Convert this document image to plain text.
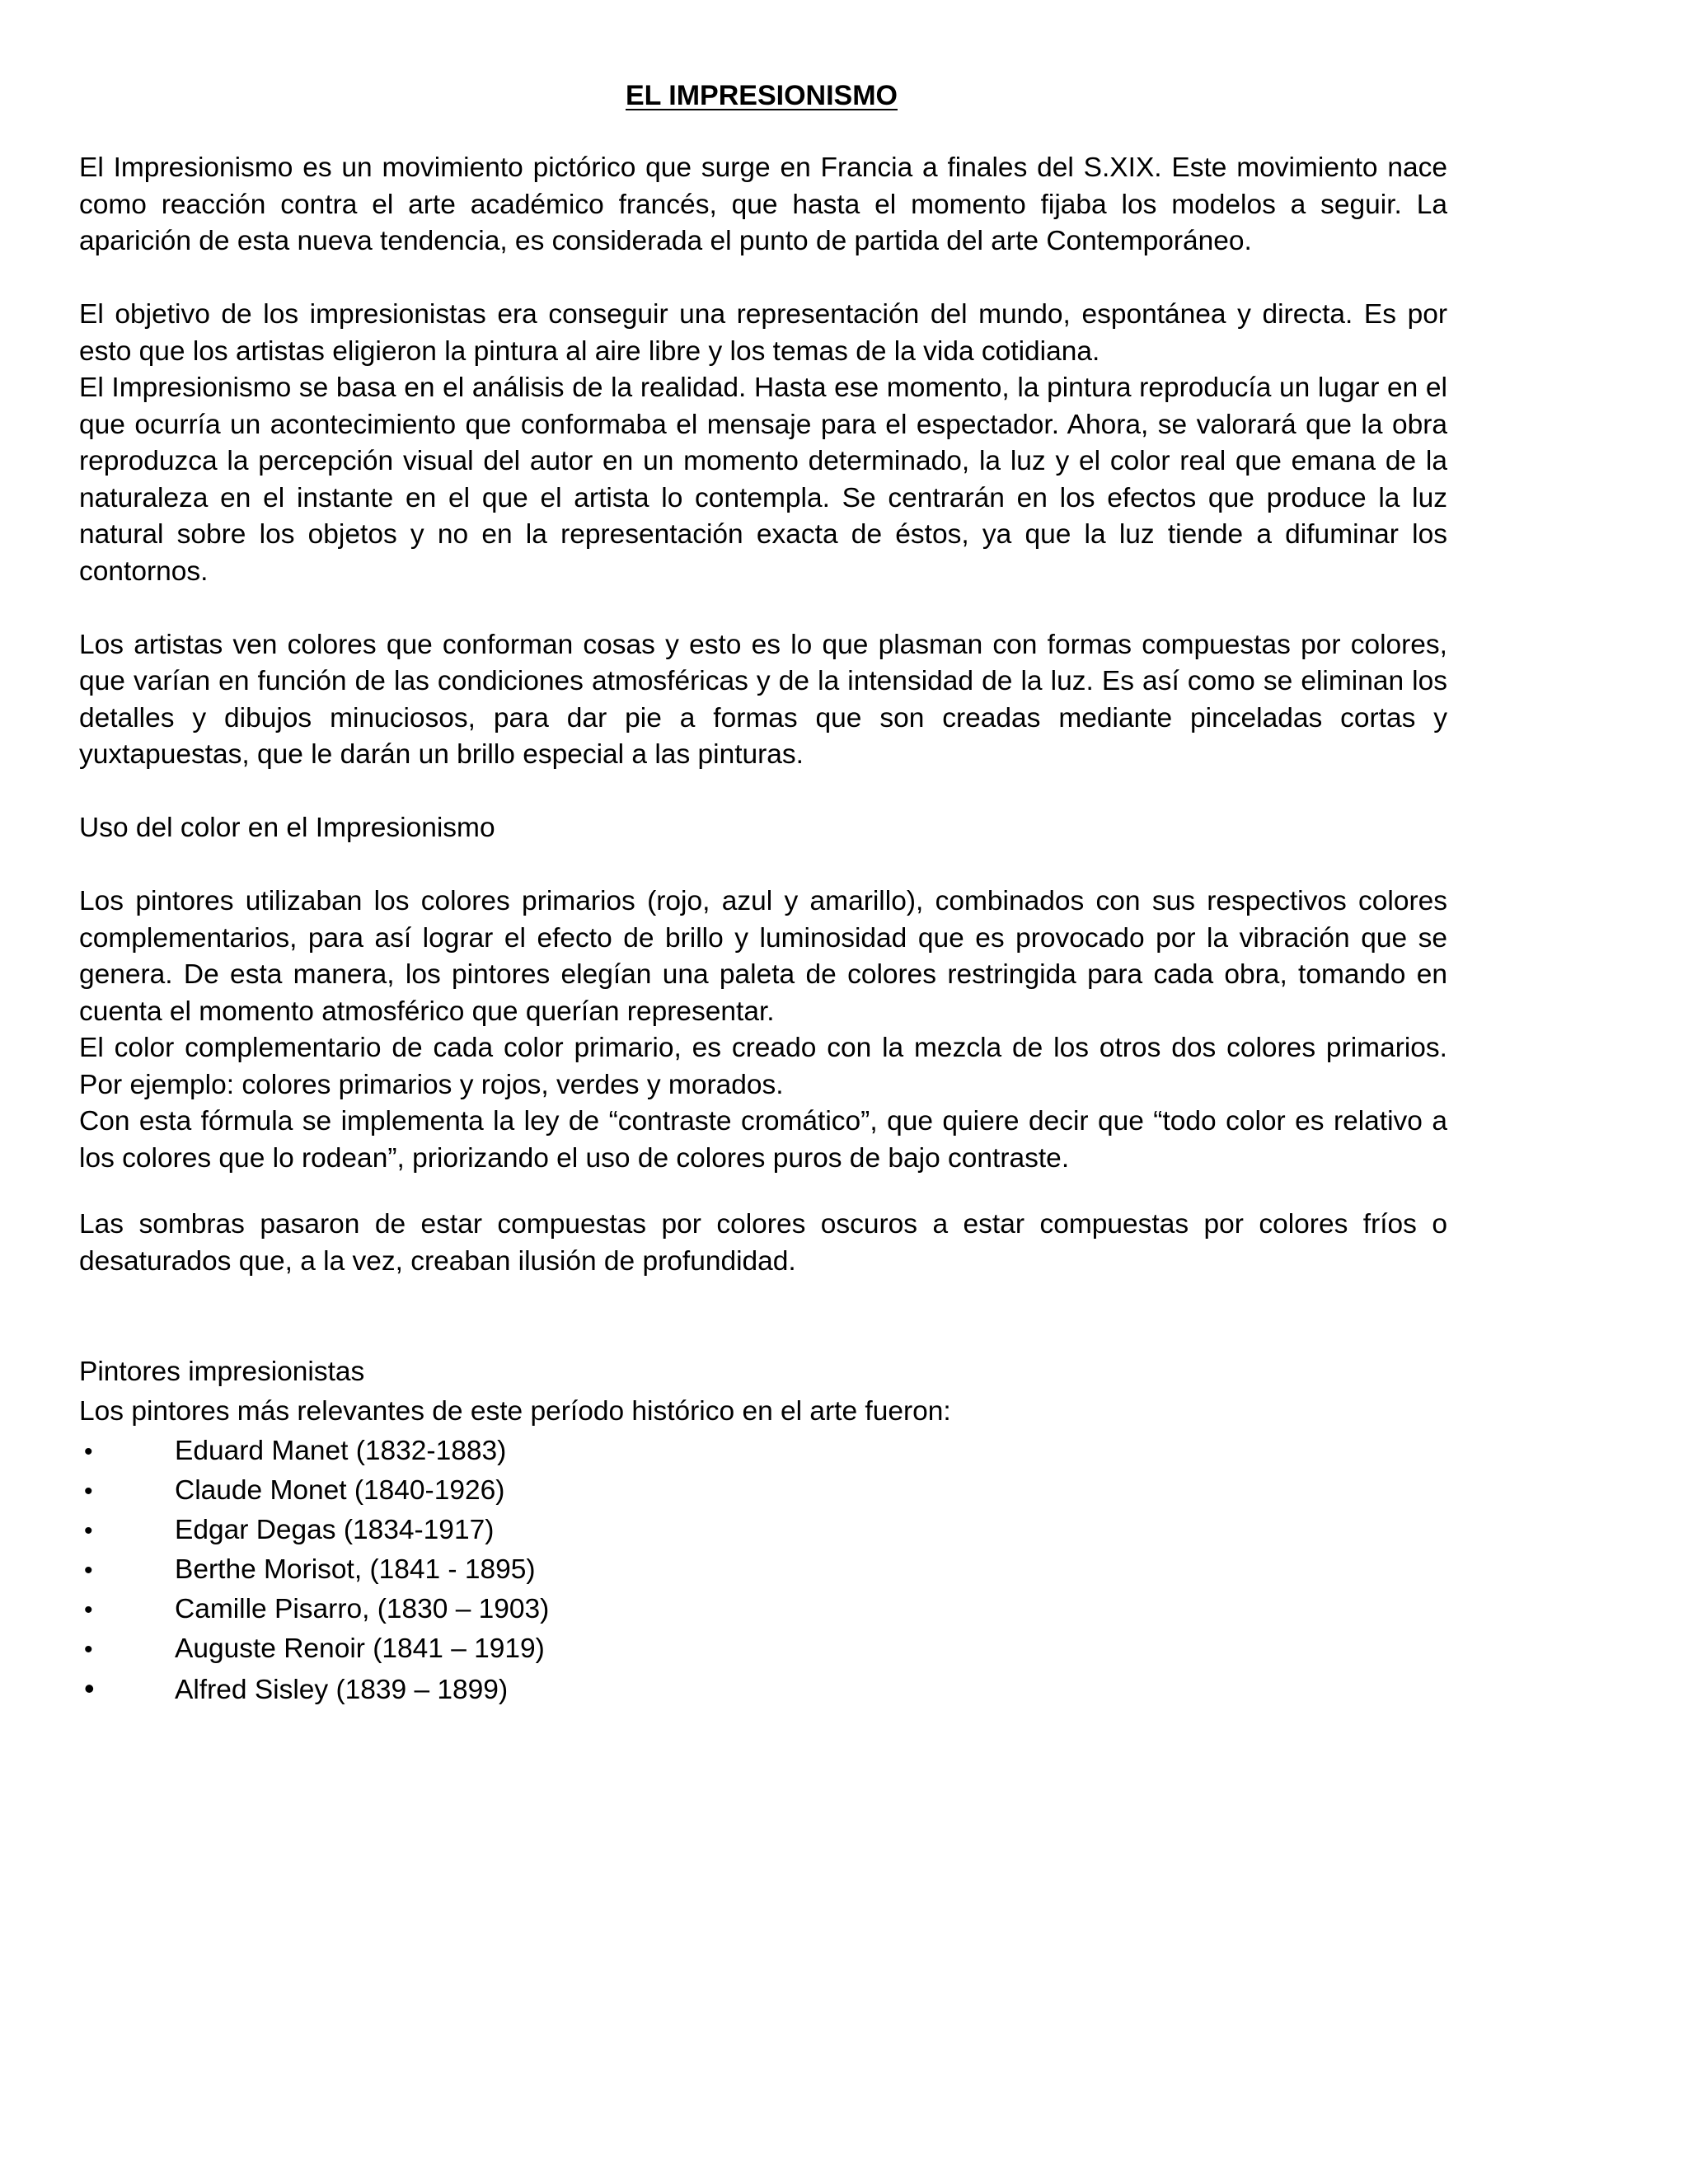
EL IMPRESIONISMO

El Impresionismo es un movimiento pictórico que surge en Francia a finales del S.XIX. Este movimiento nace como reacción contra el arte académico francés, que hasta el momento fijaba los modelos a seguir. La aparición de esta nueva tendencia, es considerada el punto de partida del arte Contemporáneo.

El objetivo de los impresionistas era conseguir una representación del mundo, espontánea y directa. Es por esto que los artistas eligieron la pintura al aire libre y los temas de la vida cotidiana.

El Impresionismo se basa en el análisis de la realidad. Hasta ese momento, la pintura reproducía un lugar en el que ocurría un acontecimiento que conformaba el mensaje para el espectador. Ahora, se valorará que la obra reproduzca la percepción visual del autor en un momento determinado, la luz y el color real que emana de la naturaleza en el instante en el que el artista lo contempla. Se centrarán en los efectos que produce la luz natural sobre los objetos y no en la representación exacta de éstos, ya que la luz tiende a difuminar los contornos.

Los artistas ven colores que conforman cosas y esto es lo que plasman con formas compuestas por colores, que varían en función de las condiciones atmosféricas y de la intensidad de la luz. Es así como se eliminan los detalles y dibujos minuciosos, para dar pie a formas que son creadas mediante pinceladas cortas y yuxtapuestas, que le darán un brillo especial a las pinturas.

Uso del color en el Impresionismo

Los pintores utilizaban los colores primarios (rojo, azul y amarillo), combinados con sus respectivos colores complementarios, para así lograr el efecto de brillo y luminosidad que es provocado por la vibración que se genera. De esta manera, los pintores elegían una paleta de colores restringida para cada obra, tomando en cuenta el momento atmosférico que querían representar.

El color complementario de cada color primario, es creado con la mezcla de los otros dos colores primarios. Por ejemplo: colores primarios y rojos, verdes y morados.

Con esta fórmula se implementa la ley de “contraste cromático”, que quiere decir que “todo color es relativo a los colores que lo rodean”, priorizando el uso de colores puros de bajo contraste.

Las sombras pasaron de estar compuestas por colores oscuros a estar compuestas por colores fríos o desaturados que, a la vez, creaban ilusión de profundidad.

Pintores impresionistas

Los pintores más relevantes de este período histórico en el arte fueron:

•	Eduard Manet (1832-1883)
•	Claude Monet (1840-1926)
•	Edgar Degas (1834-1917)
•	Berthe Morisot, (1841 - 1895)
•	Camille Pisarro, (1830 – 1903)
•	Auguste Renoir (1841 – 1919)
•	Alfred Sisley (1839 – 1899)
